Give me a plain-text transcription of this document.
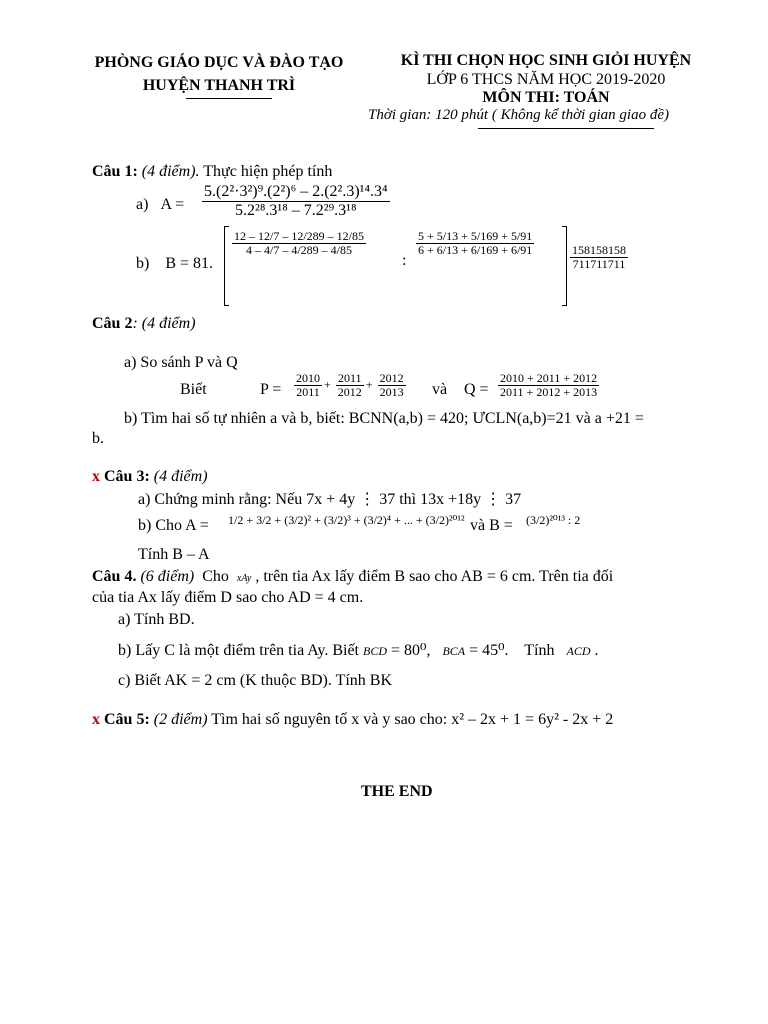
PHÒNG GIÁO DỤC VÀ ĐÀO TẠO
HUYỆN THANH TRÌ
KÌ THI CHỌN HỌC SINH GIỎI HUYỆN
LỚP 6 THCS NĂM HỌC 2019-2020
MÔN THI: TOÁN
Thời gian: 120 phút ( Không kể thời gian giao đề)
Câu 1: (4 điểm). Thực hiện phép tính
a) $A = \frac{\text{5.(2²·3²)⁹.(2²)⁶ – 2.(2².3)¹⁴.3⁴}}{\text{5.2²⁸.3¹⁸ – 7.2²⁹.3¹⁸}}$
b) B = 81.
$\frac{12 - 12/7 - 12/289 - 12/85}{4 - 4/7 - 4/289 - 4/85}$
:
$\frac{5 + 5/13 + 5/169 + 5/91}{6 + 6/13 + 6/169 + 6/91}$
$\frac{158158158}{711711711}$
Câu 2: (4 điểm)
a) So sánh P và Q
Biết	$P = \frac{2010}{2011} + \frac{2011}{2012} + \frac{2012}{2013}$ và $Q = \frac{2010 + 2011 + 2012}{2011 + 2012 + 2013}$
b) Tìm hai số tự nhiên a và b, biết: BCNN(a,b) = 420; ƯCLN(a,b)=21 và a +21 =
b.
x Câu 3: (4 điểm)
a) Chứng minh rằng: Nếu 7x + 4y ⋮ 37 thì 13x +18y ⋮ 37
b) Cho A = 1/2 + 3/2 + (3/2)² + (3/2)³ + (3/2)⁴ + ... + (3/2)²⁰¹² và B = (3/2)²⁰¹³ : 2
Tính B – A
Câu 4. (6 điểm) Cho xAy , trên tia Ax lấy điểm B sao cho AB = 6 cm. Trên tia đối
của tia Ax lấy điểm D sao cho AD = 4 cm.
a) Tính BD.
b) Lấy C là một điểm trên tia Ay. Biết BCD = 80⁰, BCA = 45⁰. Tính ACD .
c) Biết AK = 2 cm (K thuộc BD). Tính BK
x Câu 5: (2 điểm) Tìm hai số nguyên tố x và y sao cho: x² – 2x + 1 = 6y² - 2x + 2
THE END
